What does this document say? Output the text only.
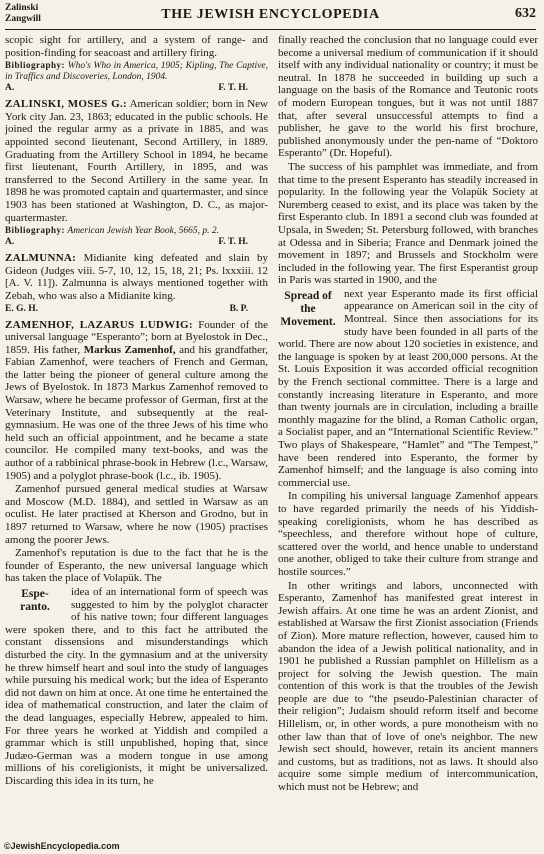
Zalinski
Zangwill	THE JEWISH ENCYCLOPEDIA	632

scopic sight for artillery, and a system of range- and position-finding for seacoast and artillery firing.

Bibliography: Who's Who in America, 1905; Kipling, The Captive, in Traffics and Discoveries, London, 1904.

A.	F. T. H.

ZALINSKI, MOSES G.: American soldier; born in New York city Jan. 23, 1863; educated in the public schools. He joined the regular army as a private in 1885, and was appointed second lieutenant, Second Artillery, in 1889. Graduating from the Artillery School in 1894, he became first lieutenant, Fourth Artillery, in 1895, and was transferred to the Second Artillery in the same year. In 1898 he was promoted captain and quartermaster, and since 1903 has been stationed at Washington, D. C., as major-quartermaster.

Bibliography: American Jewish Year Book, 5665, p. 2.

A.	F. T. H.

ZALMUNNA: Midianite king defeated and slain by Gideon (Judges viii. 5-7, 10, 12, 15, 18, 21; Ps. lxxxiii. 12 [A. V. 11]). Zalmunna is always mentioned together with Zebah, who was also a Midianite king.

E. G. H.	B. P.

ZAMENHOF, LAZARUS LUDWIG: Founder of the universal language “Esperanto”; born at Byelostok in Dec., 1859. His father, Markus Zamenhof, and his grandfather, Fabian Zamenhof, were teachers of French and German, the latter being the pioneer of general culture among the Jews of Byelostok. In 1873 Markus Zamenhof removed to Warsaw, where he became professor of German, first at the Veterinary Institute, and subsequently at the real-gymnasium. He was one of the three Jews of his time who held such an official appointment, and he became a state councilor. He compiled many text-books, and was the author of a rabbinical phrase-book in Hebrew (l.c., Warsaw, 1905) and a polyglot phrase-book (l.c., ib. 1905).

Zamenhof pursued general medical studies at Warsaw and Moscow (M.D. 1884), and settled in Warsaw as an oculist. He later practised at Kherson and Grodno, but in 1897 returned to Warsaw, where he now (1905) practises among the poorer Jews.

Zamenhof's reputation is due to the fact that he is the founder of Esperanto, the new universal language which has taken the place of Volapük. The

Espe-
ranto.

idea of an international form of speech was suggested to him by the polyglot character of his native town; four different languages were spoken there, and to this fact he attributed the constant dissensions and misunderstandings which disturbed the city. In the gymnasium and at the university he threw himself heart and soul into the study of languages while pursuing his medical work; but the idea of Esperanto did not dawn on him at once. At one time he entertained the idea of mathematical construction, and later the claim of the dead languages, especially Hebrew, appealed to him. For three years he worked at Yiddish and compiled a grammar which is still unpublished, hoping that, since Judæo-German was a modern tongue in use among millions of his coreligionists, it might be universalized. Discarding this idea in its turn, he

finally reached the conclusion that no language could ever become a universal medium of communication if it should itself with any individual nationality or country; it must be neutral. In 1878 he succeeded in building up such a language on the basis of the Romance and Teutonic roots of modern European tongues, but it was not until 1887 that, after several unsuccessful attempts to find a publisher, he gave to the world his first brochure, published anonymously under the pen-name of “Doktoro Esperanto” (Dr. Hopeful).

The success of his pamphlet was immediate, and from that time to the present Esperanto has steadily increased in popularity. In the following year the Volapük Society at Nuremberg ceased to exist, and its place was taken by the first Esperanto club. In 1891 a second club was founded at Upsala, in Sweden; St. Petersburg followed, with branches at Odessa and in Siberia; France and Denmark joined the movement in 1897; and Brussels and Stockholm were included in the following year. The first Esperantist group in Paris was started in 1900, and the

Spread of
the
Movement.

next year Esperanto made its first official appearance on American soil in the city of Montreal. Since then associations for its study have been founded in all parts of the world. There are now about 120 societies in existence, and the language is spoken by at least 200,000 persons. At the St. Louis Exposition it was accorded official recognition by the French sectional committee. There is a large and constantly increasing literature in Esperanto, and more than twenty journals are in circulation, including a braille monthly magazine for the blind, a Roman Catholic organ, a Socialist paper, and an “International Scientific Review.” Two plays of Shakespeare, “Hamlet” and “The Tempest,” have been rendered into Esperanto, the former by Zamenhof himself; and the language is also coming into commercial use.

In compiling his universal language Zamenhof appears to have regarded primarily the needs of his Yiddish-speaking coreligionists, whom he has described as “speechless, and therefore without hope of culture, scattered over the world, and hence unable to understand one another, obliged to take their culture from strange and hostile sources.”

In other writings and labors, unconnected with Esperanto, Zamenhof has manifested great interest in Jewish affairs. At one time he was an ardent Zionist, and established at Warsaw the first Zionist association (Friends of Zion). More mature reflection, however, caused him to abandon the idea of a Jewish political nationality, and in 1901 he published a Russian pamphlet on Hillelism as a project for solving the Jewish question. The main contention of this work is that the troubles of the Jewish people are due to “the pseudo-Palestinian character of their religion”; Judaism should reform itself and become Hillelism, or, in other words, a pure monotheism with no other law than that of love of one's neighbor. The new Jewish sect should, however, retain its ancient manners and customs, but as traditions, not as laws. It should also acquire some simple medium of intercommunication, which must not be Hebrew; and

©JewishEncyclopedia.com
